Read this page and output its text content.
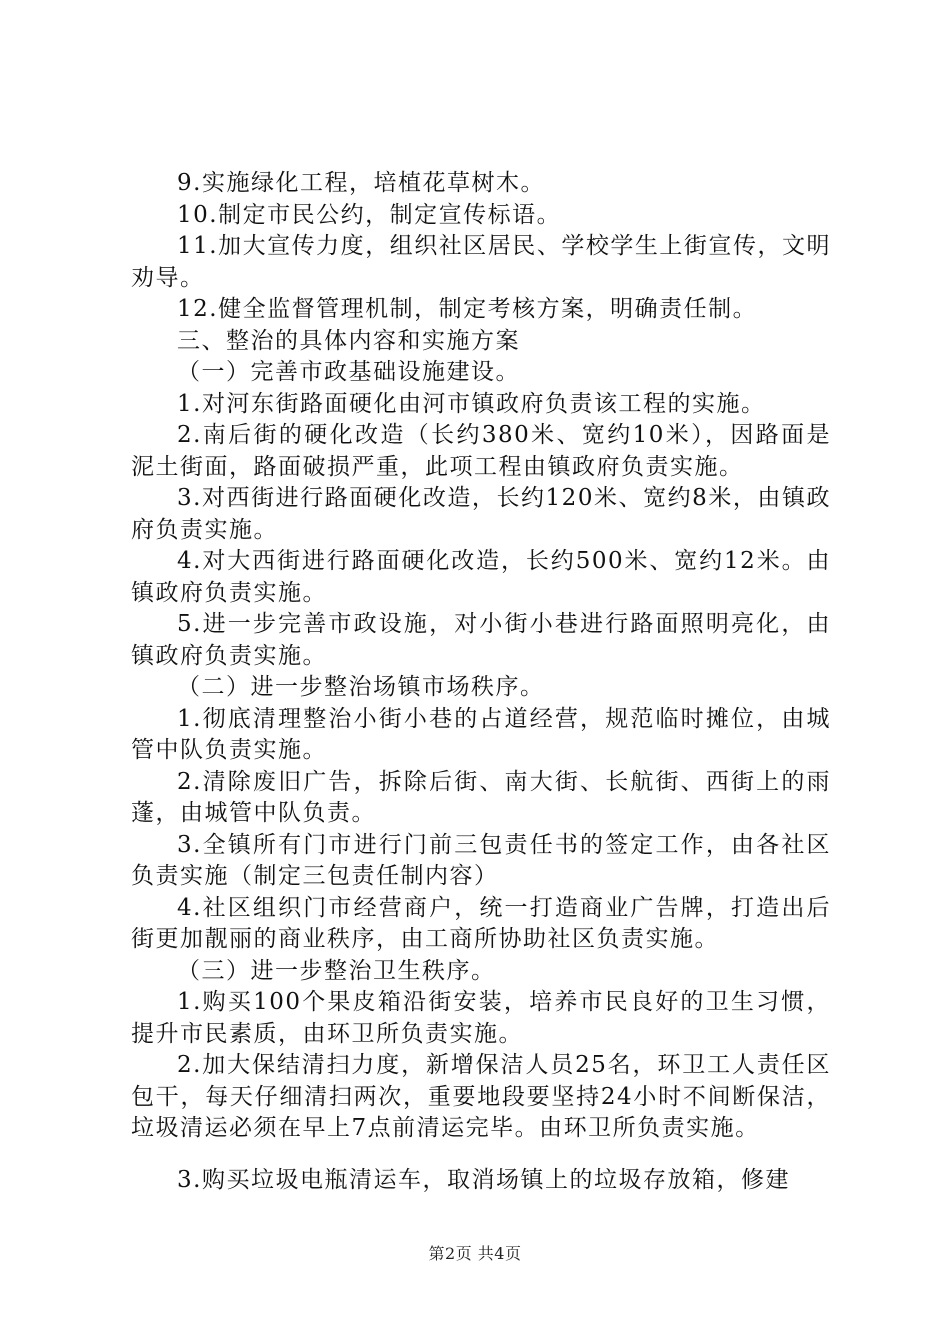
9.实施绿化工程，培植花草树木。

10.制定市民公约，制定宣传标语。

11.加大宣传力度，组织社区居民、学校学生上街宣传，文明劝导。

12.健全监督管理机制，制定考核方案，明确责任制。

三、整治的具体内容和实施方案

（一）完善市政基础设施建设。

1.对河东街路面硬化由河市镇政府负责该工程的实施。

2.南后街的硬化改造（长约380米、宽约10米），因路面是泥土街面，路面破损严重，此项工程由镇政府负责实施。

3.对西街进行路面硬化改造，长约120米、宽约8米，由镇政府负责实施。

4.对大西街进行路面硬化改造，长约500米、宽约12米。由镇政府负责实施。

5.进一步完善市政设施，对小街小巷进行路面照明亮化，由镇政府负责实施。

（二）进一步整治场镇市场秩序。

1.彻底清理整治小街小巷的占道经营，规范临时摊位，由城管中队负责实施。

2.清除废旧广告，拆除后街、南大街、长航街、西街上的雨蓬，由城管中队负责。

3.全镇所有门市进行门前三包责任书的签定工作，由各社区负责实施（制定三包责任制内容）

4.社区组织门市经营商户，统一打造商业广告牌，打造出后街更加靓丽的商业秩序，由工商所协助社区负责实施。

（三）进一步整治卫生秩序。

1.购买100个果皮箱沿街安装，培养市民良好的卫生习惯，提升市民素质，由环卫所负责实施。

2.加大保结清扫力度，新增保洁人员25名，环卫工人责任区包干，每天仔细清扫两次，重要地段要坚持24小时不间断保洁，垃圾清运必须在早上7点前清运完毕。由环卫所负责实施。

3.购买垃圾电瓶清运车，取消场镇上的垃圾存放箱，修建

第2页 共4页
